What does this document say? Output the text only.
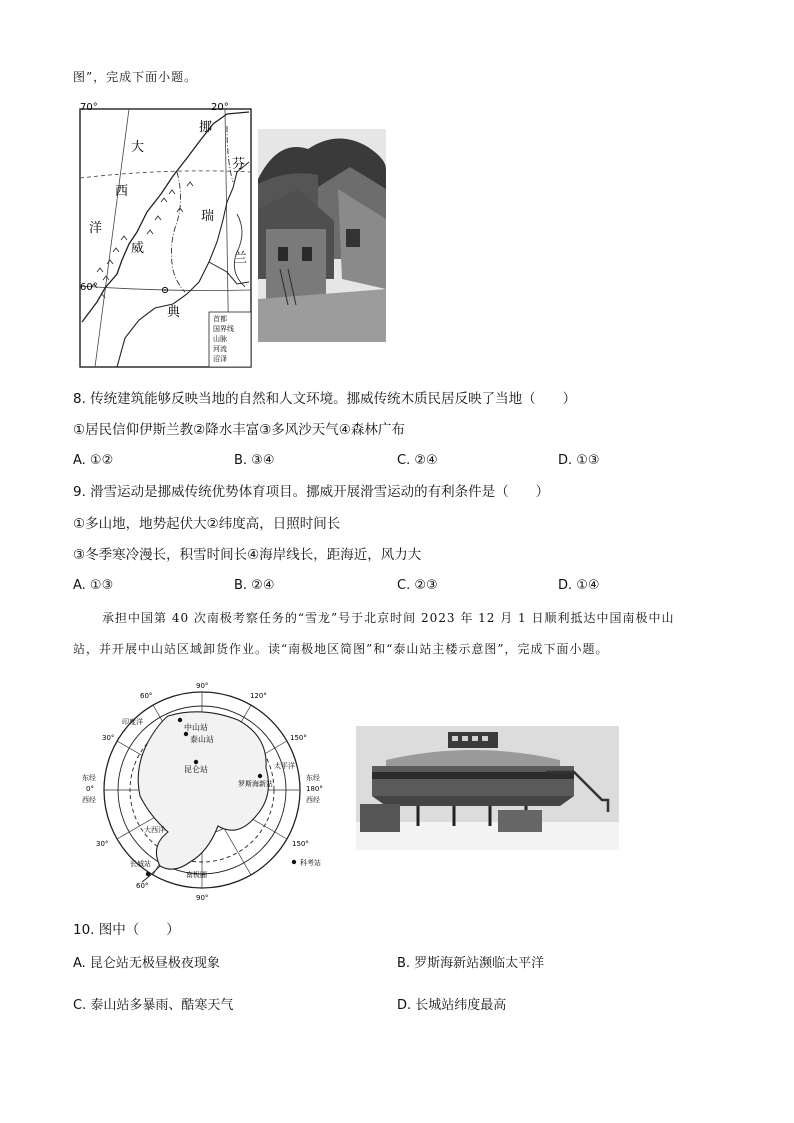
图”，完成下面小题。
70°	20°
60°
大
西
洋
挪
威
芬
兰
瑞
典	首都
国界线
山脉
河流
沼泽
8. 传统建筑能够反映当地的自然和人文环境。挪威传统木质民居反映了当地（　　）
①居民信仰伊斯兰教②降水丰富③多风沙天气④森林广布
A. ①②	B. ③④	C. ②④	D. ①③
9. 滑雪运动是挪威传统优势体育项目。挪威开展滑雪运动的有利条件是（　　）
①多山地，地势起伏大②纬度高，日照时间长
③冬季寒冷漫长，积雪时间长④海岸线长，距海近，风力大
A. ①③	B. ②④	C. ②③	D. ①④
承担中国第 40 次南极考察任务的“雪龙”号于北京时间 2023 年 12 月 1 日顺利抵达中国南极中山
站，并开展中山站区域卸货作业。读“南极地区简图”和“泰山站主楼示意图”，完成下面小题。
90°
60°	120°
30°	150°
东经
0°
西经
东经
180°
西经
30°	150°
60°
90°
印度洋
中山站
泰山站
昆仑站
罗斯海新站
太平洋
大西洋
长城站
南极圈
科考站
10. 图中（　　）
A. 昆仑站无极昼极夜现象	B. 罗斯海新站濒临太平洋
C. 泰山站多暴雨、酷寒天气	D. 长城站纬度最高
